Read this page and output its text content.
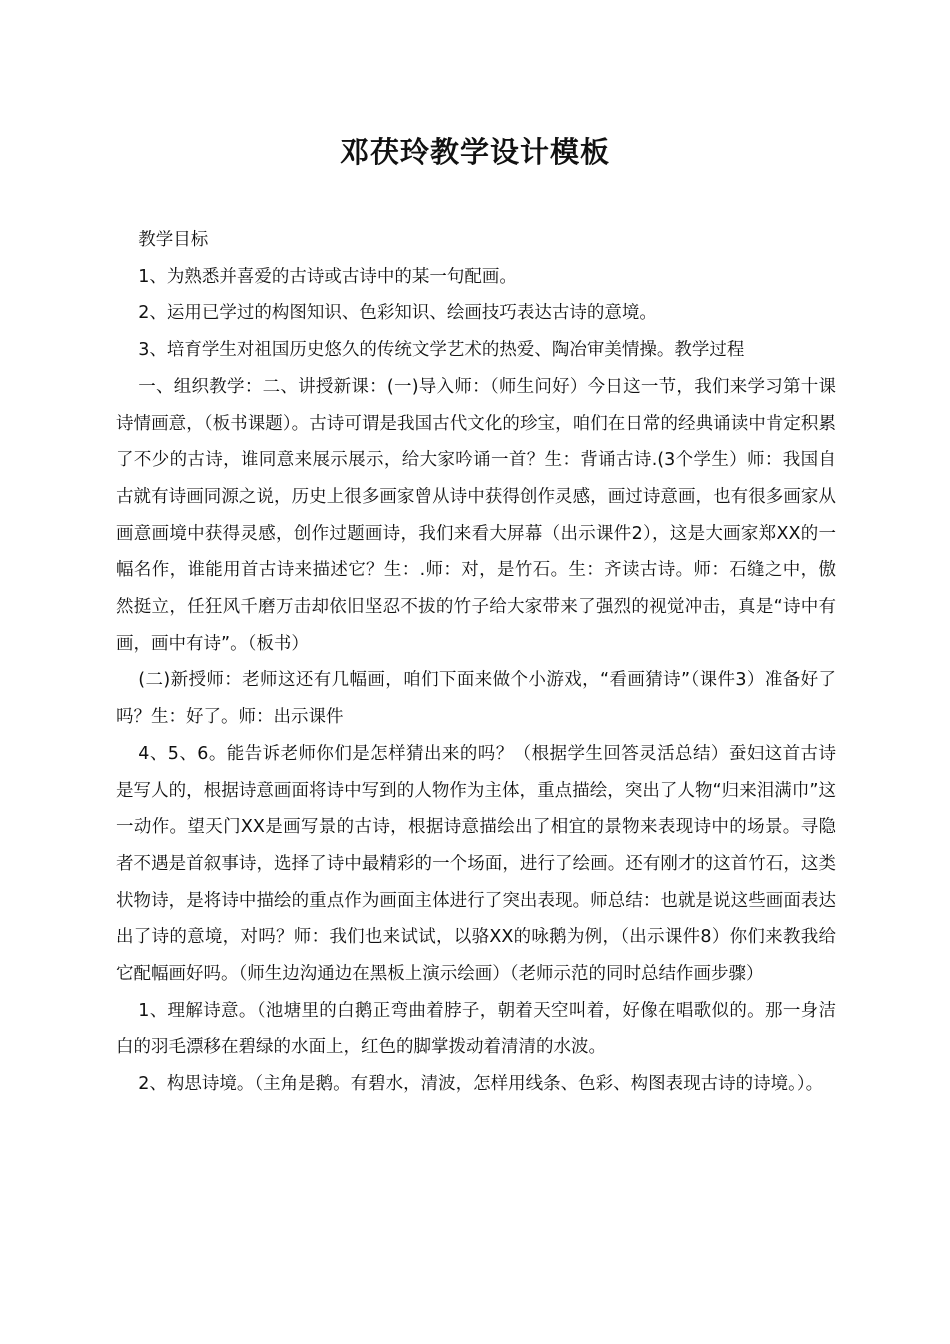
邓茯玲教学设计模板

教学目标

1、为熟悉并喜爱的古诗或古诗中的某一句配画。

2、运用已学过的构图知识、色彩知识、绘画技巧表达古诗的意境。

3、培育学生对祖国历史悠久的传统文学艺术的热爱、陶冶审美情操。教学过程

一、组织教学：二、讲授新课：(一)导入师：（师生问好）今日这一节，我们来学习第十课诗情画意，（板书课题）。古诗可谓是我国古代文化的珍宝，咱们在日常的经典诵读中肯定积累了不少的古诗，谁同意来展示展示，给大家吟诵一首？生：背诵古诗.(3个学生）师：我国自古就有诗画同源之说，历史上很多画家曾从诗中获得创作灵感，画过诗意画，也有很多画家从画意画境中获得灵感，创作过题画诗，我们来看大屏幕（出示课件2），这是大画家郑XX的一幅名作，谁能用首古诗来描述它？生：.师：对，是竹石。生：齐读古诗。师：石缝之中，傲然挺立，任狂风千磨万击却依旧坚忍不拔的竹子给大家带来了强烈的视觉冲击，真是“诗中有画，画中有诗”。（板书）

(二)新授师：老师这还有几幅画，咱们下面来做个小游戏，“看画猜诗”（课件3）准备好了吗？生：好了。师：出示课件

4、5、6。能告诉老师你们是怎样猜出来的吗？（根据学生回答灵活总结）蚕妇这首古诗是写人的，根据诗意画面将诗中写到的人物作为主体，重点描绘，突出了人物“归来泪满巾”这一动作。望天门XX是画写景的古诗，根据诗意描绘出了相宜的景物来表现诗中的场景。寻隐者不遇是首叙事诗，选择了诗中最精彩的一个场面，进行了绘画。还有刚才的这首竹石，这类状物诗，是将诗中描绘的重点作为画面主体进行了突出表现。师总结：也就是说这些画面表达出了诗的意境，对吗？师：我们也来试试，以骆XX的咏鹅为例，（出示课件8）你们来教我给它配幅画好吗。（师生边沟通边在黑板上演示绘画）（老师示范的同时总结作画步骤）

1、理解诗意。（池塘里的白鹅正弯曲着脖子，朝着天空叫着，好像在唱歌似的。那一身洁白的羽毛漂移在碧绿的水面上，红色的脚掌拨动着清清的水波。

2、构思诗境。（主角是鹅。有碧水，清波，怎样用线条、色彩、构图表现古诗的诗境。）。
